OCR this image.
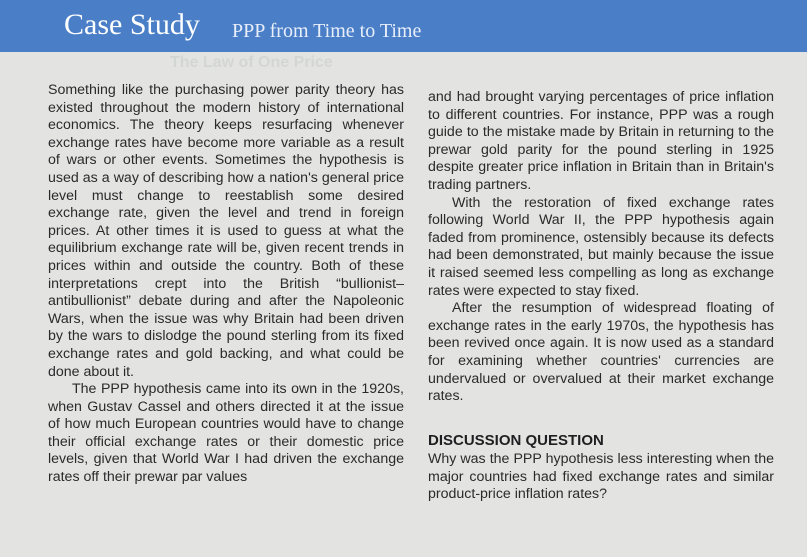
Case Study PPP from Time to Time
The Law of One Price

Something like the purchasing power parity theory has existed throughout the modern history of international economics. The theory keeps resurfacing whenever exchange rates have become more variable as a result of wars or other events. Sometimes the hypothesis is used as a way of describing how a nation's general price level must change to reestablish some desired exchange rate, given the level and trend in foreign prices. At other times it is used to guess at what the equilibrium exchange rate will be, given recent trends in prices within and outside the country. Both of these interpretations crept into the British “bullionist–antibullionist” debate during and after the Napoleonic Wars, when the issue was why Britain had been driven by the wars to dislodge the pound sterling from its fixed exchange rates and gold backing, and what could be done about it.

The PPP hypothesis came into its own in the 1920s, when Gustav Cassel and others directed it at the issue of how much European countries would have to change their official exchange rates or their domestic price levels, given that World War I had driven the exchange rates off their prewar par values

and had brought varying percentages of price inflation to different countries. For instance, PPP was a rough guide to the mistake made by Britain in returning to the prewar gold parity for the pound sterling in 1925 despite greater price inflation in Britain than in Britain's trading partners.

With the restoration of fixed exchange rates following World War II, the PPP hypothesis again faded from prominence, ostensibly because its defects had been demonstrated, but mainly because the issue it raised seemed less compelling as long as exchange rates were expected to stay fixed.

After the resumption of widespread floating of exchange rates in the early 1970s, the hypothesis has been revived once again. It is now used as a standard for examining whether countries' currencies are undervalued or overvalued at their market exchange rates.

DISCUSSION QUESTION

Why was the PPP hypothesis less interesting when the major countries had fixed exchange rates and similar product-price inflation rates?
